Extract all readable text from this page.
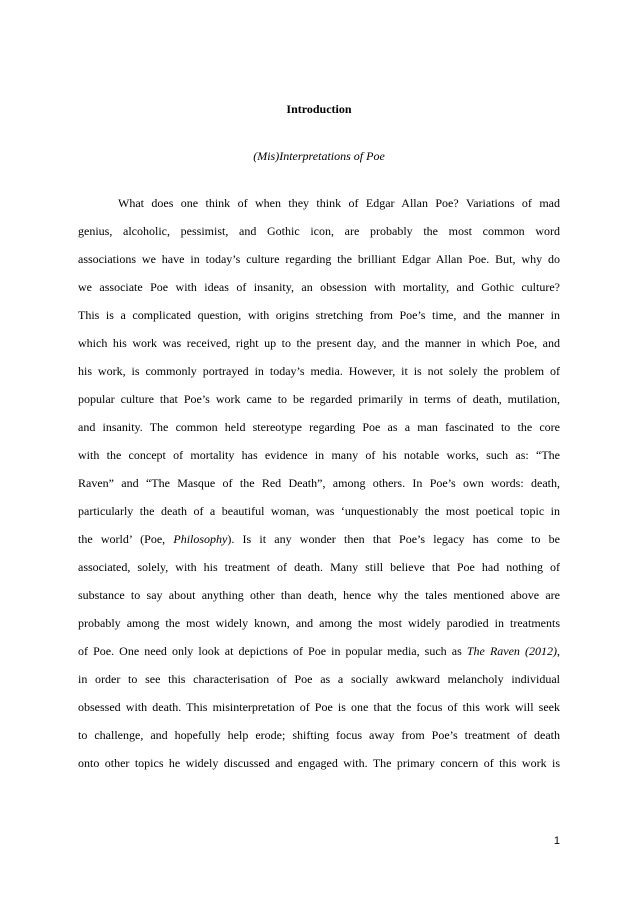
Introduction
(Mis)Interpretations of Poe
What does one think of when they think of Edgar Allan Poe? Variations of mad
genius, alcoholic, pessimist, and Gothic icon, are probably the most common word
associations we have in today’s culture regarding the brilliant Edgar Allan Poe. But, why do
we associate Poe with ideas of insanity, an obsession with mortality, and Gothic culture?
This is a complicated question, with origins stretching from Poe’s time, and the manner in
which his work was received, right up to the present day, and the manner in which Poe, and
his work, is commonly portrayed in today’s media. However, it is not solely the problem of
popular culture that Poe’s work came to be regarded primarily in terms of death, mutilation,
and insanity. The common held stereotype regarding Poe as a man fascinated to the core
with the concept of mortality has evidence in many of his notable works, such as: “The
Raven” and “The Masque of the Red Death”, among others. In Poe’s own words: death,
particularly the death of a beautiful woman, was ‘unquestionably the most poetical topic in
the world’ (Poe, Philosophy). Is it any wonder then that Poe’s legacy has come to be
associated, solely, with his treatment of death. Many still believe that Poe had nothing of
substance to say about anything other than death, hence why the tales mentioned above are
probably among the most widely known, and among the most widely parodied in treatments
of Poe. One need only look at depictions of Poe in popular media, such as The Raven (2012),
in order to see this characterisation of Poe as a socially awkward melancholy individual
obsessed with death. This misinterpretation of Poe is one that the focus of this work will seek
to challenge, and hopefully help erode; shifting focus away from Poe’s treatment of death
onto other topics he widely discussed and engaged with. The primary concern of this work is
1
